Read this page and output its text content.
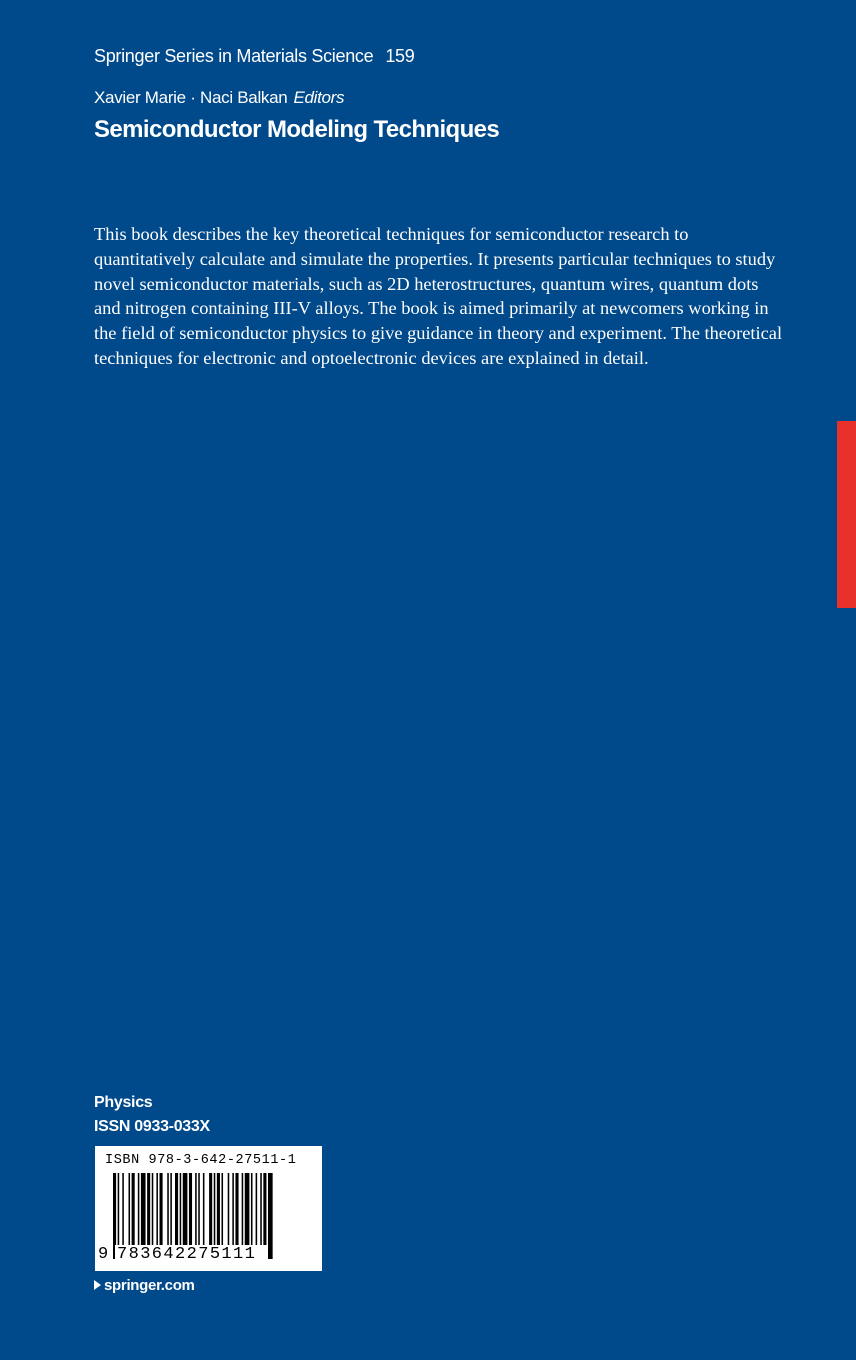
Springer Series in Materials Science 159
Xavier Marie · Naci Balkan Editors
Semiconductor Modeling Techniques

This book describes the key theoretical techniques for semiconductor research to quantitatively calculate and simulate the properties. It presents particular techniques to study novel semiconductor materials, such as 2D heterostructures, quantum wires, quantum dots and nitrogen containing III-V alloys. The book is aimed primarily at newcomers working in the field of semiconductor physics to give guidance in theory and experiment. The theoretical techniques for electronic and optoelectronic devices are explained in detail.

Physics
ISSN 0933-033X
ISBN 978-3-642-27511-1
9 783642275111
springer.com
